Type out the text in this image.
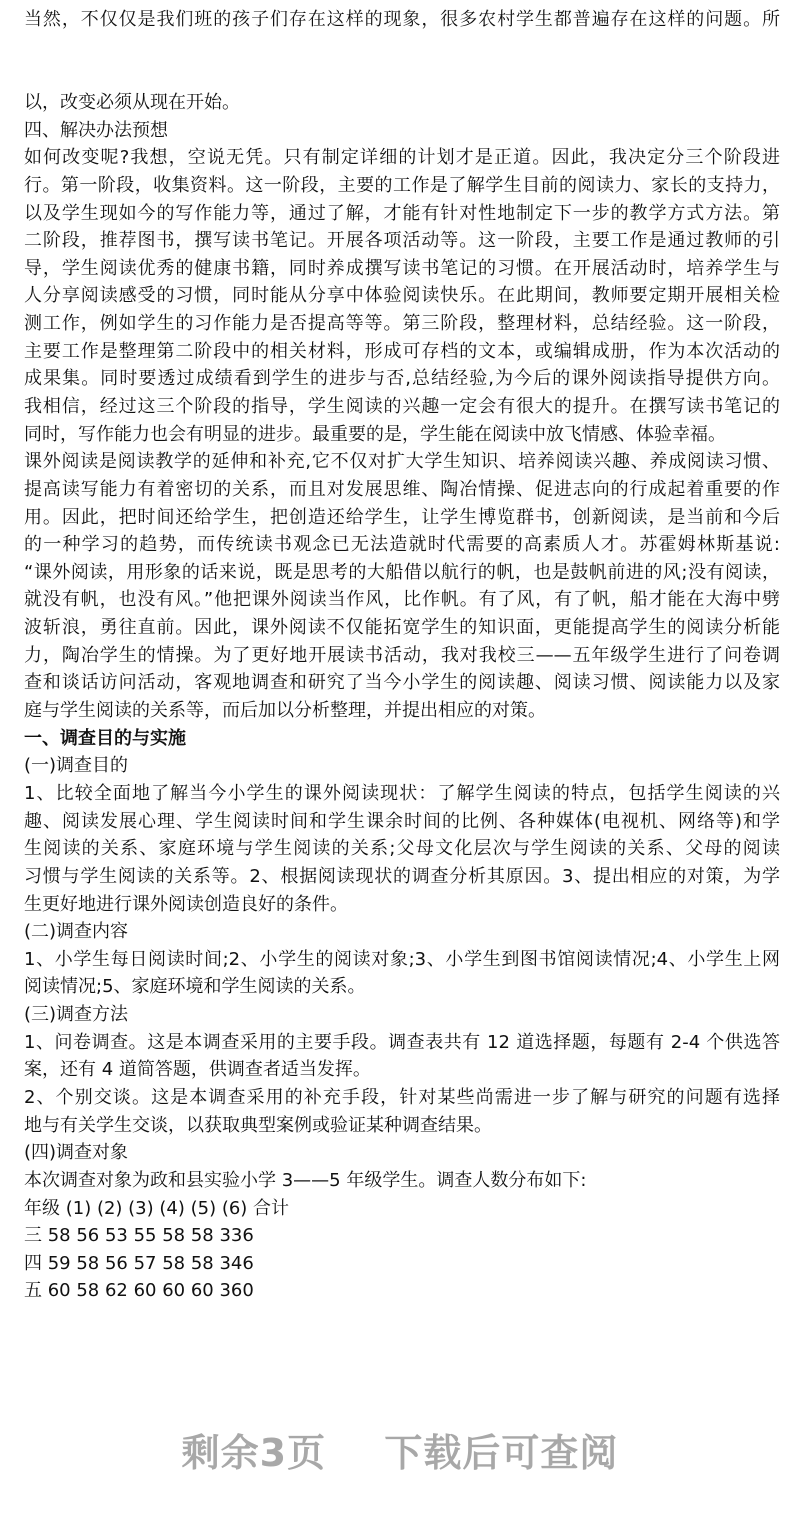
当然，不仅仅是我们班的孩子们存在这样的现象，很多农村学生都普遍存在这样的问题。所
以，改变必须从现在开始。
四、解决办法预想
如何改变呢?我想，空说无凭。只有制定详细的计划才是正道。因此，我决定分三个阶段进
行。第一阶段，收集资料。这一阶段，主要的工作是了解学生目前的阅读力、家长的支持力，
以及学生现如今的写作能力等，通过了解，才能有针对性地制定下一步的教学方式方法。第
二阶段，推荐图书，撰写读书笔记。开展各项活动等。这一阶段，主要工作是通过教师的引
导，学生阅读优秀的健康书籍，同时养成撰写读书笔记的习惯。在开展活动时，培养学生与
人分享阅读感受的习惯，同时能从分享中体验阅读快乐。在此期间，教师要定期开展相关检
测工作，例如学生的习作能力是否提高等等。第三阶段，整理材料，总结经验。这一阶段，
主要工作是整理第二阶段中的相关材料，形成可存档的文本，或编辑成册，作为本次活动的
成果集。同时要透过成绩看到学生的进步与否,总结经验,为今后的课外阅读指导提供方向。
我相信，经过这三个阶段的指导，学生阅读的兴趣一定会有很大的提升。在撰写读书笔记的
同时，写作能力也会有明显的进步。最重要的是，学生能在阅读中放飞情感、体验幸福。
课外阅读是阅读教学的延伸和补充,它不仅对扩大学生知识、培养阅读兴趣、养成阅读习惯、
提高读写能力有着密切的关系，而且对发展思维、陶冶情操、促进志向的行成起着重要的作
用。因此，把时间还给学生，把创造还给学生，让学生博览群书，创新阅读，是当前和今后
的一种学习的趋势，而传统读书观念已无法造就时代需要的高素质人才。苏霍姆林斯基说:
“课外阅读，用形象的话来说，既是思考的大船借以航行的帆，也是鼓帆前进的风;没有阅读，
就没有帆，也没有风。”他把课外阅读当作风，比作帆。有了风，有了帆，船才能在大海中劈
波斩浪，勇往直前。因此，课外阅读不仅能拓宽学生的知识面，更能提高学生的阅读分析能
力，陶冶学生的情操。为了更好地开展读书活动，我对我校三——五年级学生进行了问卷调
查和谈话访问活动，客观地调查和研究了当今小学生的阅读趣、阅读习惯、阅读能力以及家
庭与学生阅读的关系等，而后加以分析整理，并提出相应的对策。
一、调查目的与实施
(一)调查目的
1、比较全面地了解当今小学生的课外阅读现状：了解学生阅读的特点，包括学生阅读的兴
趣、阅读发展心理、学生阅读时间和学生课余时间的比例、各种媒体(电视机、网络等)和学
生阅读的关系、家庭环境与学生阅读的关系;父母文化层次与学生阅读的关系、父母的阅读
习惯与学生阅读的关系等。2、根据阅读现状的调查分析其原因。3、提出相应的对策，为学
生更好地进行课外阅读创造良好的条件。
(二)调查内容
1、小学生每日阅读时间;2、小学生的阅读对象;3、小学生到图书馆阅读情况;4、小学生上网
阅读情况;5、家庭环境和学生阅读的关系。
(三)调查方法
1、问卷调查。这是本调查采用的主要手段。调查表共有 12 道选择题，每题有 2-4 个供选答
案，还有 4 道简答题，供调查者适当发挥。
2、个别交谈。这是本调查采用的补充手段，针对某些尚需进一步了解与研究的问题有选择
地与有关学生交谈，以获取典型案例或验证某种调查结果。
(四)调查对象
本次调查对象为政和县实验小学 3——5 年级学生。调查人数分布如下:
年级 (1) (2) (3) (4) (5) (6) 合计
三 58 56 53 55 58 58 336
四 59 58 56 57 58 58 346
五 60 58 62 60 60 60 360
剩余3页 下载后可查阅
